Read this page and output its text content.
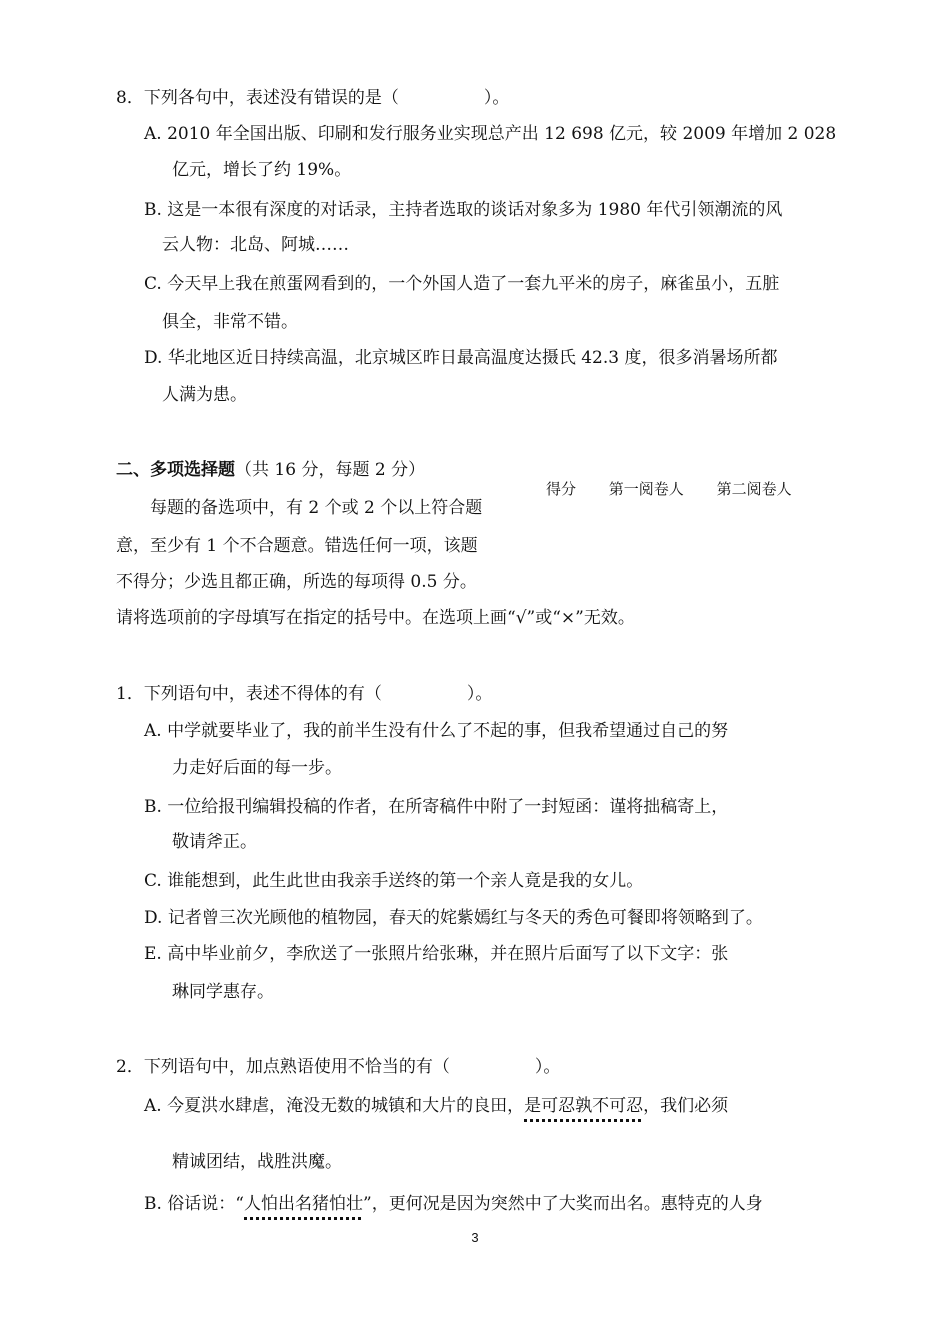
8．下列各句中，表述没有错误的是（　　　　　）。
A. 2010 年全国出版、印刷和发行服务业实现总产出 12 698 亿元，较 2009 年增加 2 028
亿元，增长了约 19%。
B. 这是一本很有深度的对话录，主持者选取的谈话对象多为 1980 年代引领潮流的风
云人物：北岛、阿城……
C. 今天早上我在煎蛋网看到的，一个外国人造了一套九平米的房子，麻雀虽小，五脏
俱全，非常不错。
D. 华北地区近日持续高温，北京城区昨日最高温度达摄氏 42.3 度，很多消暑场所都
人满为患。
二、多项选择题（共 16 分，每题 2 分）
得分 第一阅卷人 第二阅卷人
每题的备选项中，有 2 个或 2 个以上符合题
意，至少有 1 个不合题意。错选任何一项，该题
不得分；少选且都正确，所选的每项得 0.5 分。
请将选项前的字母填写在指定的括号中。在选项上画“√”或“×”无效。
1．下列语句中，表述不得体的有（　　　　　）。
A. 中学就要毕业了，我的前半生没有什么了不起的事，但我希望通过自己的努
力走好后面的每一步。
B. 一位给报刊编辑投稿的作者，在所寄稿件中附了一封短函：谨将拙稿寄上，
敬请斧正。
C. 谁能想到，此生此世由我亲手送终的第一个亲人竟是我的女儿。
D. 记者曾三次光顾他的植物园，春天的姹紫嫣红与冬天的秀色可餐即将领略到了。
E. 高中毕业前夕，李欣送了一张照片给张琳，并在照片后面写了以下文字：张
琳同学惠存。
2．下列语句中，加点熟语使用不恰当的有（　　　　　）。
A. 今夏洪水肆虐，淹没无数的城镇和大片的良田，是可忍孰不可忍，我们必须
精诚团结，战胜洪魔。
B. 俗话说：“人怕出名猪怕壮”，更何况是因为突然中了大奖而出名。惠特克的人身
3
